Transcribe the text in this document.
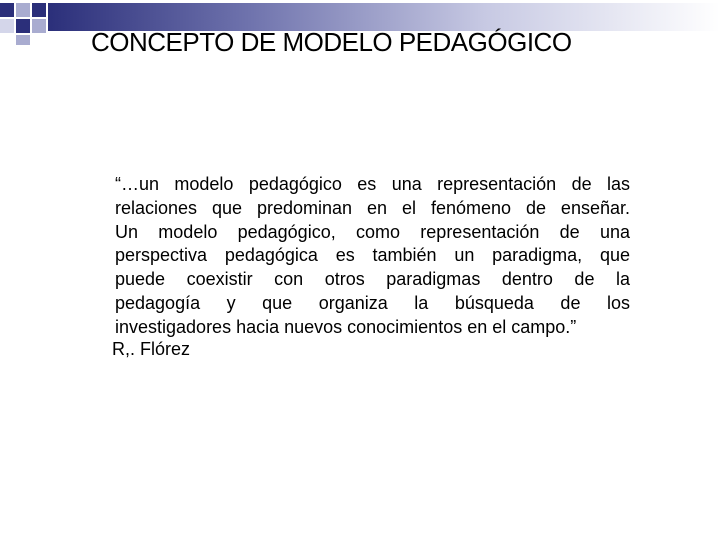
CONCEPTO DE MODELO PEDAGÓGICO
“…un modelo pedagógico es una representación de las
relaciones que predominan en el fenómeno de enseñar.
Un modelo pedagógico, como representación de una
perspectiva pedagógica es también un paradigma, que
puede coexistir con otros paradigmas dentro de la
pedagogía y que organiza la búsqueda de los
investigadores hacia nuevos conocimientos en el campo.”
R,. Flórez
